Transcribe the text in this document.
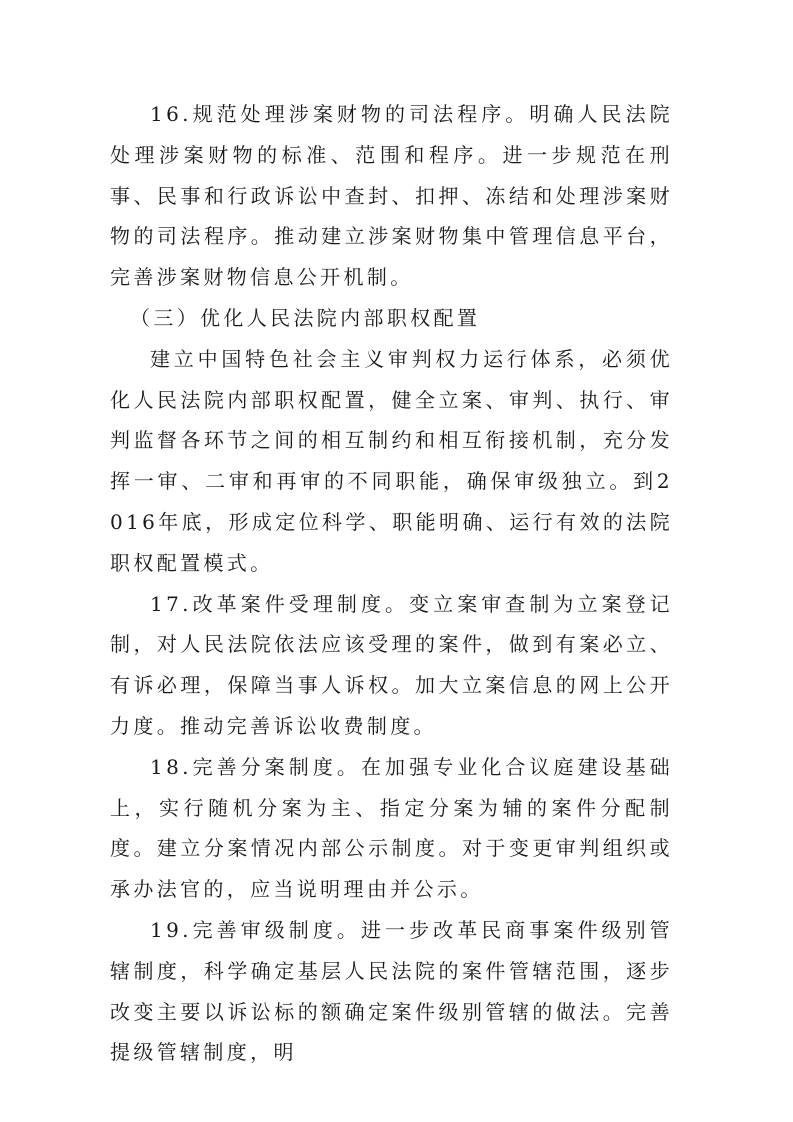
16.规范处理涉案财物的司法程序。明确人民法院处理涉案财物的标准、范围和程序。进一步规范在刑事、民事和行政诉讼中查封、扣押、冻结和处理涉案财物的司法程序。推动建立涉案财物集中管理信息平台，完善涉案财物信息公开机制。

（三）优化人民法院内部职权配置

建立中国特色社会主义审判权力运行体系，必须优化人民法院内部职权配置，健全立案、审判、执行、审判监督各环节之间的相互制约和相互衔接机制，充分发挥一审、二审和再审的不同职能，确保审级独立。到2016年底，形成定位科学、职能明确、运行有效的法院职权配置模式。

17.改革案件受理制度。变立案审查制为立案登记制，对人民法院依法应该受理的案件，做到有案必立、有诉必理，保障当事人诉权。加大立案信息的网上公开力度。推动完善诉讼收费制度。

18.完善分案制度。在加强专业化合议庭建设基础上，实行随机分案为主、指定分案为辅的案件分配制度。建立分案情况内部公示制度。对于变更审判组织或承办法官的，应当说明理由并公示。

19.完善审级制度。进一步改革民商事案件级别管辖制度，科学确定基层人民法院的案件管辖范围，逐步改变主要以诉讼标的额确定案件级别管辖的做法。完善提级管辖制度，明
